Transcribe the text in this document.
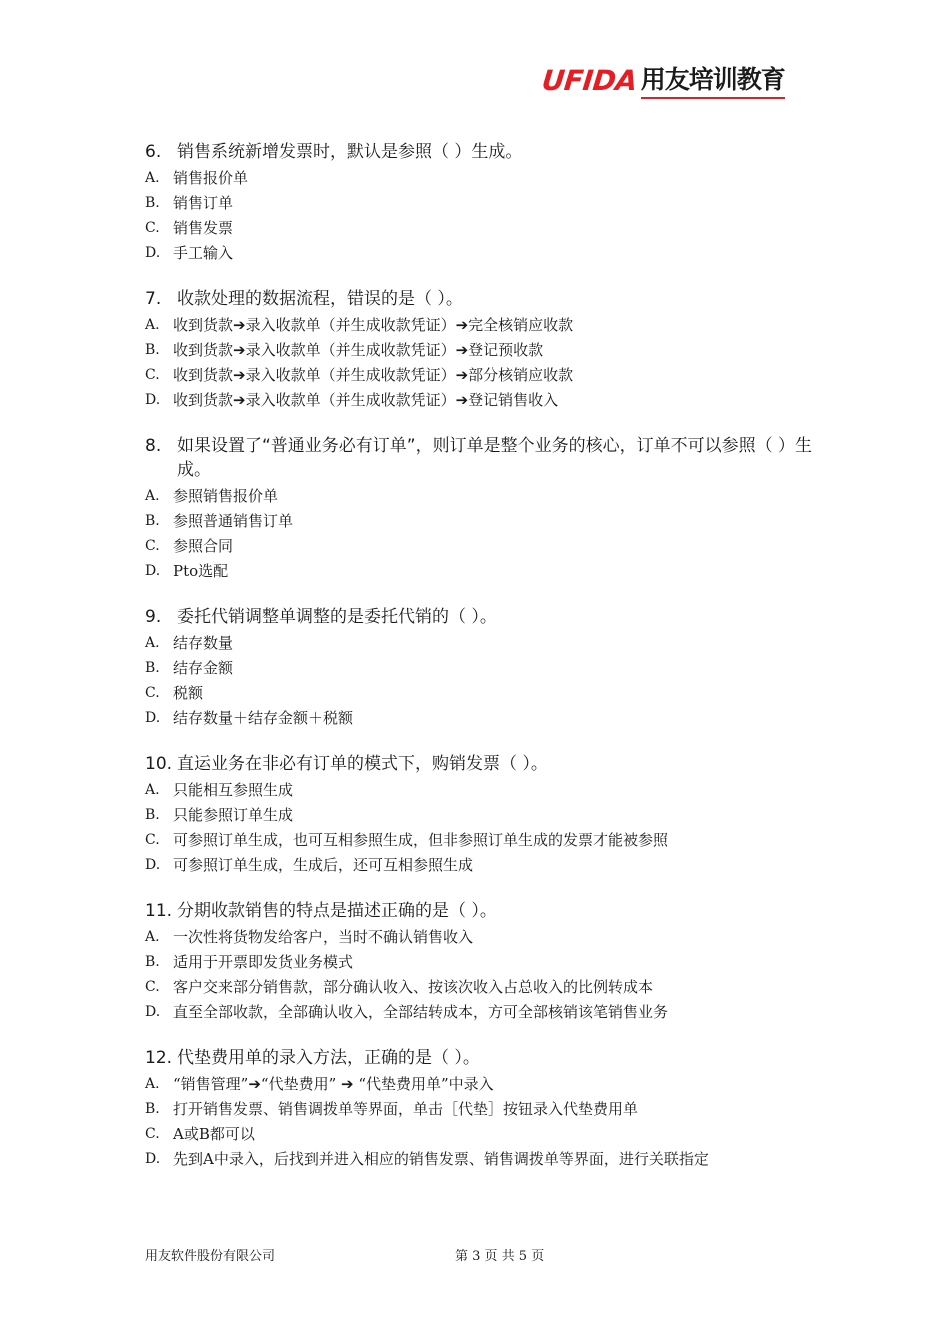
UFIDA 用友培训教育
6. 销售系统新增发票时，默认是参照（ ）生成。
A. 销售报价单
B. 销售订单
C. 销售发票
D. 手工输入
7. 收款处理的数据流程，错误的是（ ）。
A. 收到货款➔录入收款单（并生成收款凭证）➔完全核销应收款
B. 收到货款➔录入收款单（并生成收款凭证）➔登记预收款
C. 收到货款➔录入收款单（并生成收款凭证）➔部分核销应收款
D. 收到货款➔录入收款单（并生成收款凭证）➔登记销售收入
8. 如果设置了“普通业务必有订单”，则订单是整个业务的核心，订单不可以参照（ ）生成。
A. 参照销售报价单
B. 参照普通销售订单
C. 参照合同
D. Pto选配
9. 委托代销调整单调整的是委托代销的（ ）。
A. 结存数量
B. 结存金额
C. 税额
D. 结存数量＋结存金额＋税额
10. 直运业务在非必有订单的模式下，购销发票（ ）。
A. 只能相互参照生成
B. 只能参照订单生成
C. 可参照订单生成，也可互相参照生成，但非参照订单生成的发票才能被参照
D. 可参照订单生成，生成后，还可互相参照生成
11. 分期收款销售的特点是描述正确的是（ ）。
A. 一次性将货物发给客户，当时不确认销售收入
B. 适用于开票即发货业务模式
C. 客户交来部分销售款，部分确认收入、按该次收入占总收入的比例转成本
D. 直至全部收款，全部确认收入，全部结转成本，方可全部核销该笔销售业务
12. 代垫费用单的录入方法，正确的是（ ）。
A. “销售管理”➔“代垫费用” ➔ “代垫费用单”中录入
B. 打开销售发票、销售调拨单等界面，单击［代垫］按钮录入代垫费用单
C. A或B都可以
D. 先到A中录入，后找到并进入相应的销售发票、销售调拨单等界面，进行关联指定
用友软件股份有限公司	第 3 页 共 5 页
